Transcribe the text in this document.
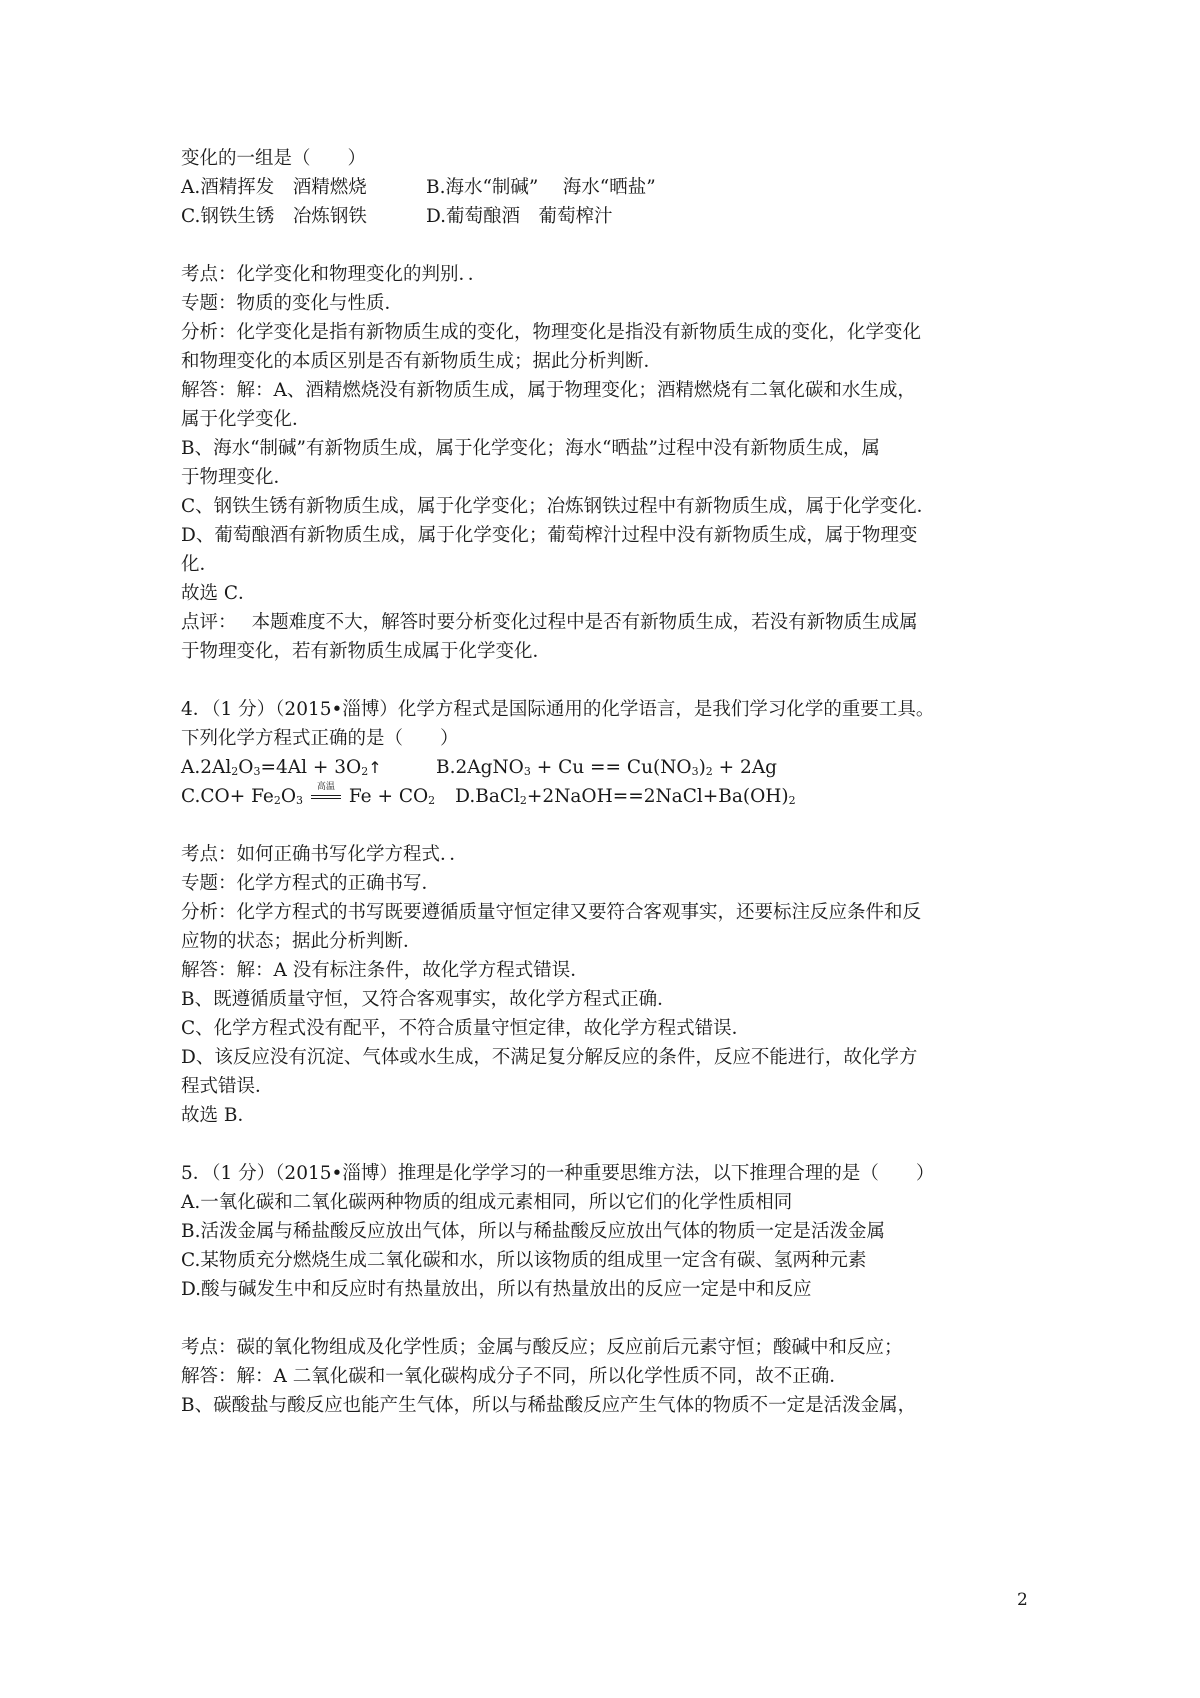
变化的一组是（　　）
A.酒精挥发　酒精燃烧	B.海水“制碱”　 海水“晒盐”
C.钢铁生锈　冶炼钢铁	D.葡萄酿酒　葡萄榨汁
考点：化学变化和物理变化的判别．．
专题：物质的变化与性质．
分析：化学变化是指有新物质生成的变化，物理变化是指没有新物质生成的变化，化学变化
和物理变化的本质区别是否有新物质生成；据此分析判断．
解答：解：A、酒精燃烧没有新物质生成，属于物理变化；酒精燃烧有二氧化碳和水生成，
属于化学变化．
B、海水“制碱”有新物质生成，属于化学变化；海水“晒盐”过程中没有新物质生成，属
于物理变化．
C、钢铁生锈有新物质生成，属于化学变化；冶炼钢铁过程中有新物质生成，属于化学变化．
D、葡萄酿酒有新物质生成，属于化学变化；葡萄榨汁过程中没有新物质生成，属于物理变
化．
故选 C．
点评：　 本题难度不大，解答时要分析变化过程中是否有新物质生成，若没有新物质生成属
于物理变化，若有新物质生成属于化学变化．
4．（1 分）（2015•淄博）化学方程式是国际通用的化学语言，是我们学习化学的重要工具。
下列化学方程式正确的是（　　）
$A.2Al_2O_3=4Al$ + $3O_2↑$	B.2AgNO$_3$ + $Cu == Cu(NO_3)_2 + 2Ag$
$C.CO+ Fe_2O_3$
高温 $Fe + CO_2$ $D.BaCl_2+2NaOH==2NaCl+Ba(OH)_2$
考点：如何正确书写化学方程式．．
专题：化学方程式的正确书写．
分析：化学方程式的书写既要遵循质量守恒定律又要符合客观事实，还要标注反应条件和反
应物的状态；据此分析判断．
解答：解：A 没有标注条件，故化学方程式错误．
B、既遵循质量守恒，又符合客观事实，故化学方程式正确．
C、化学方程式没有配平，不符合质量守恒定律，故化学方程式错误．
D、该反应没有沉淀、气体或水生成，不满足复分解反应的条件，反应不能进行，故化学方
程式错误．
故选 B．
5．（1 分）（2015•淄博）推理是化学学习的一种重要思维方法，以下推理合理的是（　　）
A.一氧化碳和二氧化碳两种物质的组成元素相同，所以它们的化学性质相同
B.活泼金属与稀盐酸反应放出气体，所以与稀盐酸反应放出气体的物质一定是活泼金属
C.某物质充分燃烧生成二氧化碳和水，所以该物质的组成里一定含有碳、氢两种元素
D.酸与碱发生中和反应时有热量放出，所以有热量放出的反应一定是中和反应
考点：碳的氧化物组成及化学性质；金属与酸反应；反应前后元素守恒；酸碱中和反应；
解答：解：A 二氧化碳和一氧化碳构成分子不同，所以化学性质不同，故不正确．
B、碳酸盐与酸反应也能产生气体，所以与稀盐酸反应产生气体的物质不一定是活泼金属，
2
